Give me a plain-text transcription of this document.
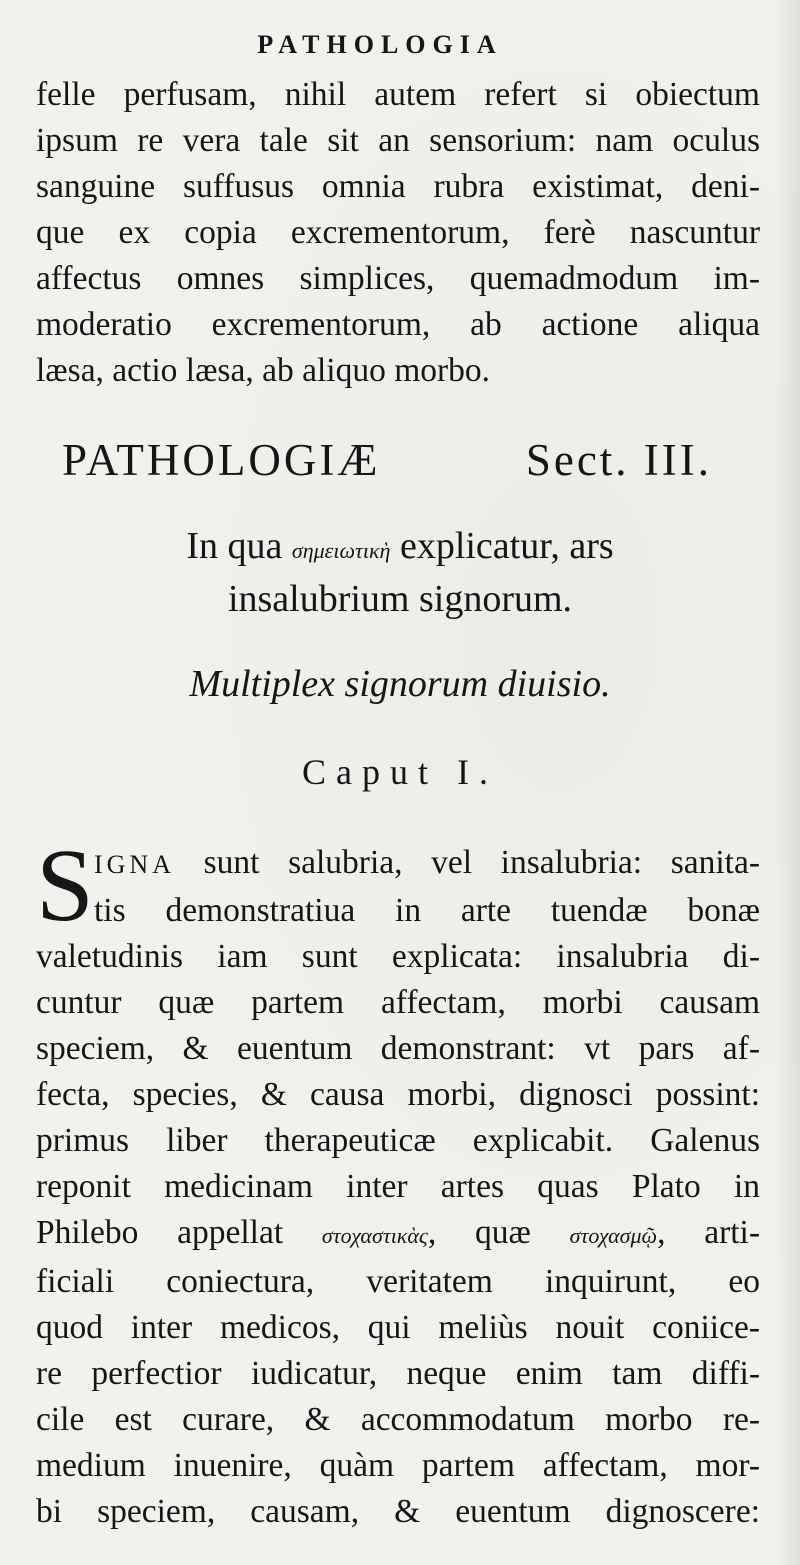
PATHOLOGIA
felle perfusam, nihil autem refert si obiectum
ipsum re vera tale sit an sensorium: nam oculus
sanguine suffusus omnia rubra existimat, deni-
que ex copia excrementorum, ferè nascuntur
affectus omnes simplices, quemadmodum im-
moderatio excrementorum, ab actione aliqua
læsa, actio læsa, ab aliquo morbo.
PATHOLOGIÆ	Sect. III.
In qua σημειωτικὴ explicatur, ars
insalubrium signorum.
Multiplex signorum diuisio.
Caput I.
S IGNA sunt salubria, vel insalubria: sanita-
tis demonstratiua in arte tuendæ bonæ
valetudinis iam sunt explicata: insalubria di-
cuntur quæ partem affectam, morbi causam
speciem, & euentum demonstrant: vt pars af-
fecta, species, & causa morbi, dignosci possint:
primus liber therapeuticæ explicabit. Galenus
reponit medicinam inter artes quas Plato in
Philebo appellat στοχαστικὰς, quæ στοχασμῷ, arti-
ficiali coniectura, veritatem inquirunt, eo
quod inter medicos, qui meliùs nouit coniice-
re perfectior iudicatur, neque enim tam diffi-
cile est curare, & accommodatum morbo re-
medium inuenire, quàm partem affectam, mor-
bi speciem, causam, & euentum dignoscere:
